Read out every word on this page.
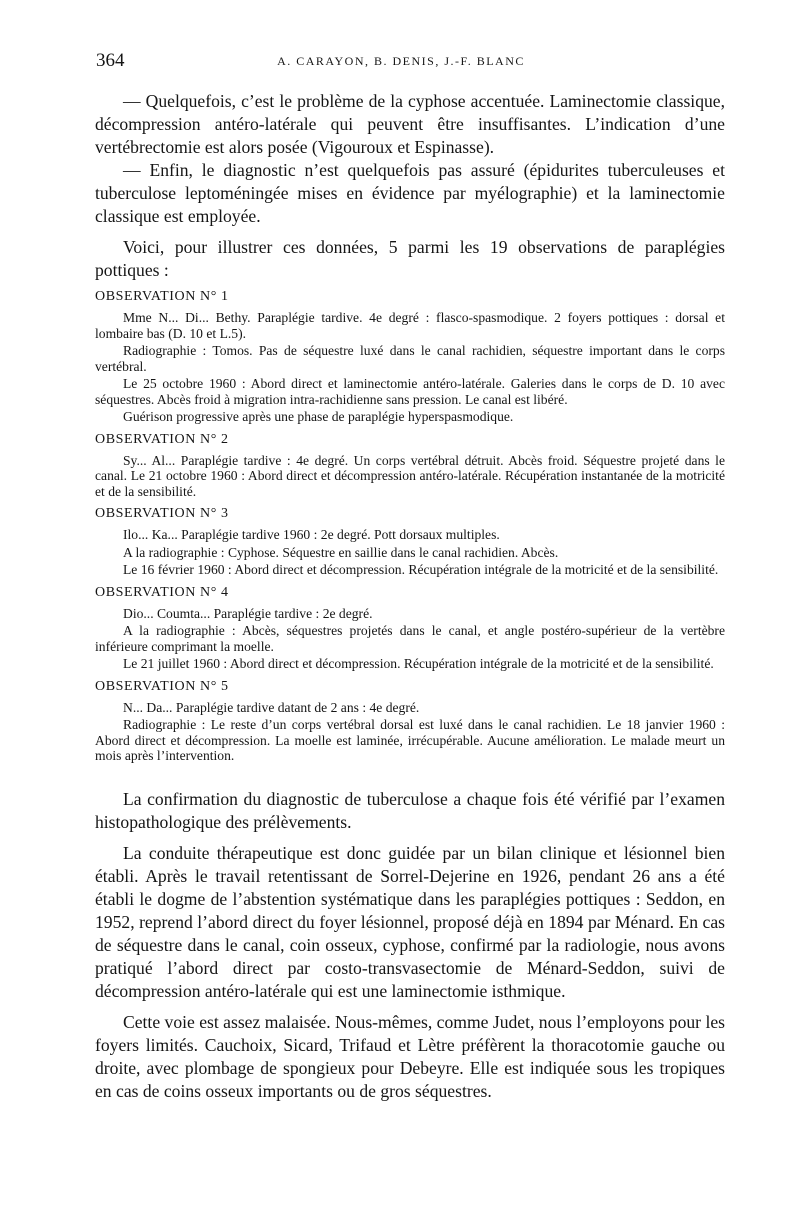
364	A. CARAYON, B. DENIS, J.-F. BLANC

— Quelquefois, c’est le problème de la cyphose accentuée. Laminectomie classique, décompression antéro-latérale qui peuvent être insuffisantes. L’indication d’une vertébrectomie est alors posée (Vigouroux et Espinasse).

— Enfin, le diagnostic n’est quelquefois pas assuré (épidurites tuberculeuses et tuberculose leptoméningée mises en évidence par myélographie) et la laminectomie classique est employée.

Voici, pour illustrer ces données, 5 parmi les 19 observations de paraplégies pottiques :

OBSERVATION N° 1

Mme N... Di... Bethy. Paraplégie tardive. 4e degré : flasco-spasmodique. 2 foyers pottiques : dorsal et lombaire bas (D. 10 et L.5).

Radiographie : Tomos. Pas de séquestre luxé dans le canal rachidien, séquestre important dans le corps vertébral.

Le 25 octobre 1960 : Abord direct et laminectomie antéro-latérale. Galeries dans le corps de D. 10 avec séquestres. Abcès froid à migration intra-rachidienne sans pression. Le canal est libéré.

Guérison progressive après une phase de paraplégie hyperspasmodique.

OBSERVATION N° 2

Sy... Al... Paraplégie tardive : 4e degré. Un corps vertébral détruit. Abcès froid. Séquestre projeté dans le canal. Le 21 octobre 1960 : Abord direct et décompression antéro-latérale. Récupération instantanée de la motricité et de la sensibilité.

OBSERVATION N° 3

Ilo... Ka... Paraplégie tardive 1960 : 2e degré. Pott dorsaux multiples.

A la radiographie : Cyphose. Séquestre en saillie dans le canal rachidien. Abcès.

Le 16 février 1960 : Abord direct et décompression. Récupération intégrale de la motricité et de la sensibilité.

OBSERVATION N° 4

Dio... Coumta... Paraplégie tardive : 2e degré.

A la radiographie : Abcès, séquestres projetés dans le canal, et angle postéro-supérieur de la vertèbre inférieure comprimant la moelle.

Le 21 juillet 1960 : Abord direct et décompression. Récupération intégrale de la motricité et de la sensibilité.

OBSERVATION N° 5

N... Da... Paraplégie tardive datant de 2 ans : 4e degré.

Radiographie : Le reste d’un corps vertébral dorsal est luxé dans le canal rachidien. Le 18 janvier 1960 : Abord direct et décompression. La moelle est laminée, irrécupérable. Aucune amélioration. Le malade meurt un mois après l’intervention.

La confirmation du diagnostic de tuberculose a chaque fois été vérifié par l’examen histopathologique des prélèvements.

La conduite thérapeutique est donc guidée par un bilan clinique et lésionnel bien établi. Après le travail retentissant de Sorrel-Dejerine en 1926, pendant 26 ans a été établi le dogme de l’abstention systématique dans les paraplégies pottiques : Seddon, en 1952, reprend l’abord direct du foyer lésionnel, proposé déjà en 1894 par Ménard. En cas de séquestre dans le canal, coin osseux, cyphose, confirmé par la radiologie, nous avons pratiqué l’abord direct par costo-transvasectomie de Ménard-Seddon, suivi de décompression antéro-latérale qui est une laminectomie isthmique.

Cette voie est assez malaisée. Nous-mêmes, comme Judet, nous l’employons pour les foyers limités. Cauchoix, Sicard, Trifaud et Lètre préfèrent la thoracotomie gauche ou droite, avec plombage de spongieux pour Debeyre. Elle est indiquée sous les tropiques en cas de coins osseux importants ou de gros séquestres.
